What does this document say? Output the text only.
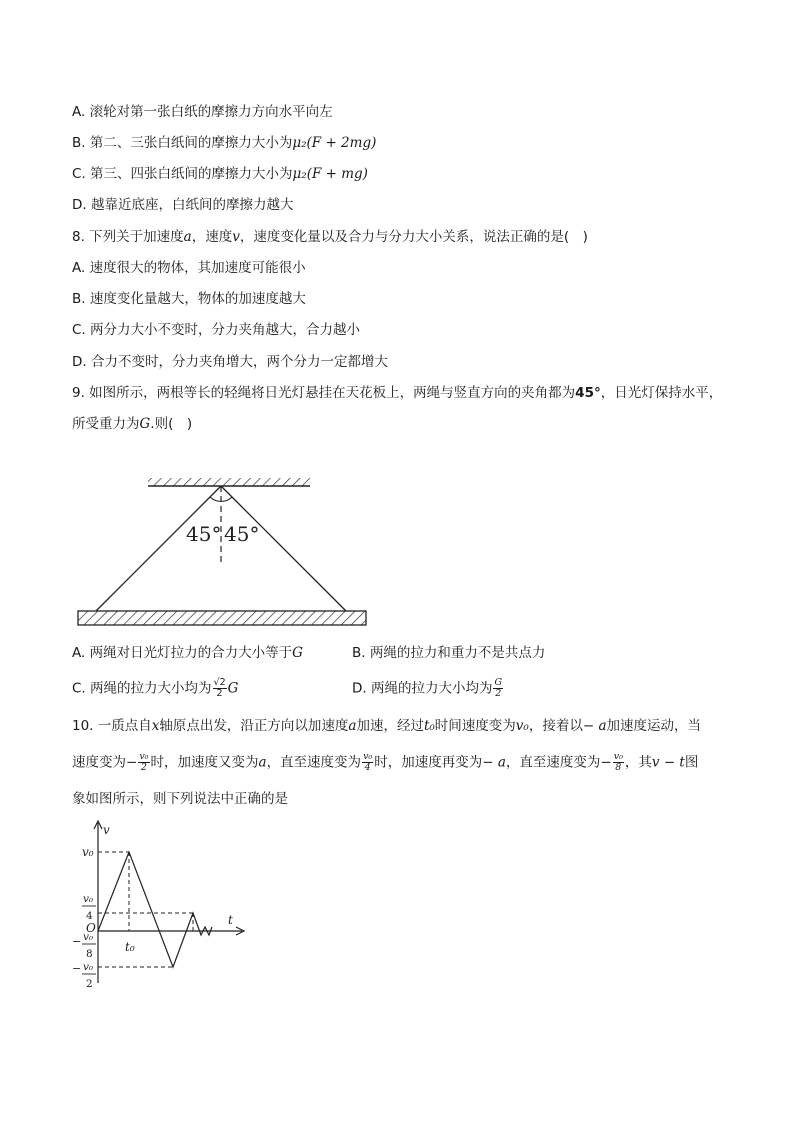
A. 滚轮对第一张白纸的摩擦力方向水平向左
B. 第二、三张白纸间的摩擦力大小为μ₂(F + 2mg)
C. 第三、四张白纸间的摩擦力大小为μ₂(F + mg)
D. 越靠近底座，白纸间的摩擦力越大
8. 下列关于加速度a，速度v，速度变化量以及合力与分力大小关系，说法正确的是(　)
A. 速度很大的物体，其加速度可能很小
B. 速度变化量越大，物体的加速度越大
C. 两分力大小不变时，分力夹角越大，合力越小
D. 合力不变时，分力夹角增大，两个分力一定都增大
9. 如图所示，两根等长的轻绳将日光灯悬挂在天花板上，两绳与竖直方向的夹角都为45°，日光灯保持水平，
所受重力为G.则(　)
45° 45°
A. 两绳对日光灯拉力的合力大小等于G	B. 两绳的拉力和重力不是共点力
C. 两绳的拉力大小均为 $\frac{√2}{2}$ G	D. 两绳的拉力大小均为 $\frac{G}{2}$
10. 一质点自x轴原点出发，沿正方向以加速度a加速，经过t₀时间速度变为v₀，接着以− a加速度运动，当
速度变为− $\frac{\text{v₀}}{2}$ 时，加速度又变为a，直至速度变为 $\frac{\text{v₀}}{4}$ 时，加速度再变为− a，直至速度变为− $\frac{\text{v₀}}{8}$ ，其v − t图
象如图所示，则下列说法中正确的是
v
t
O
v₀
v₀
4
− v₀
8
− v₀
2
t₀
